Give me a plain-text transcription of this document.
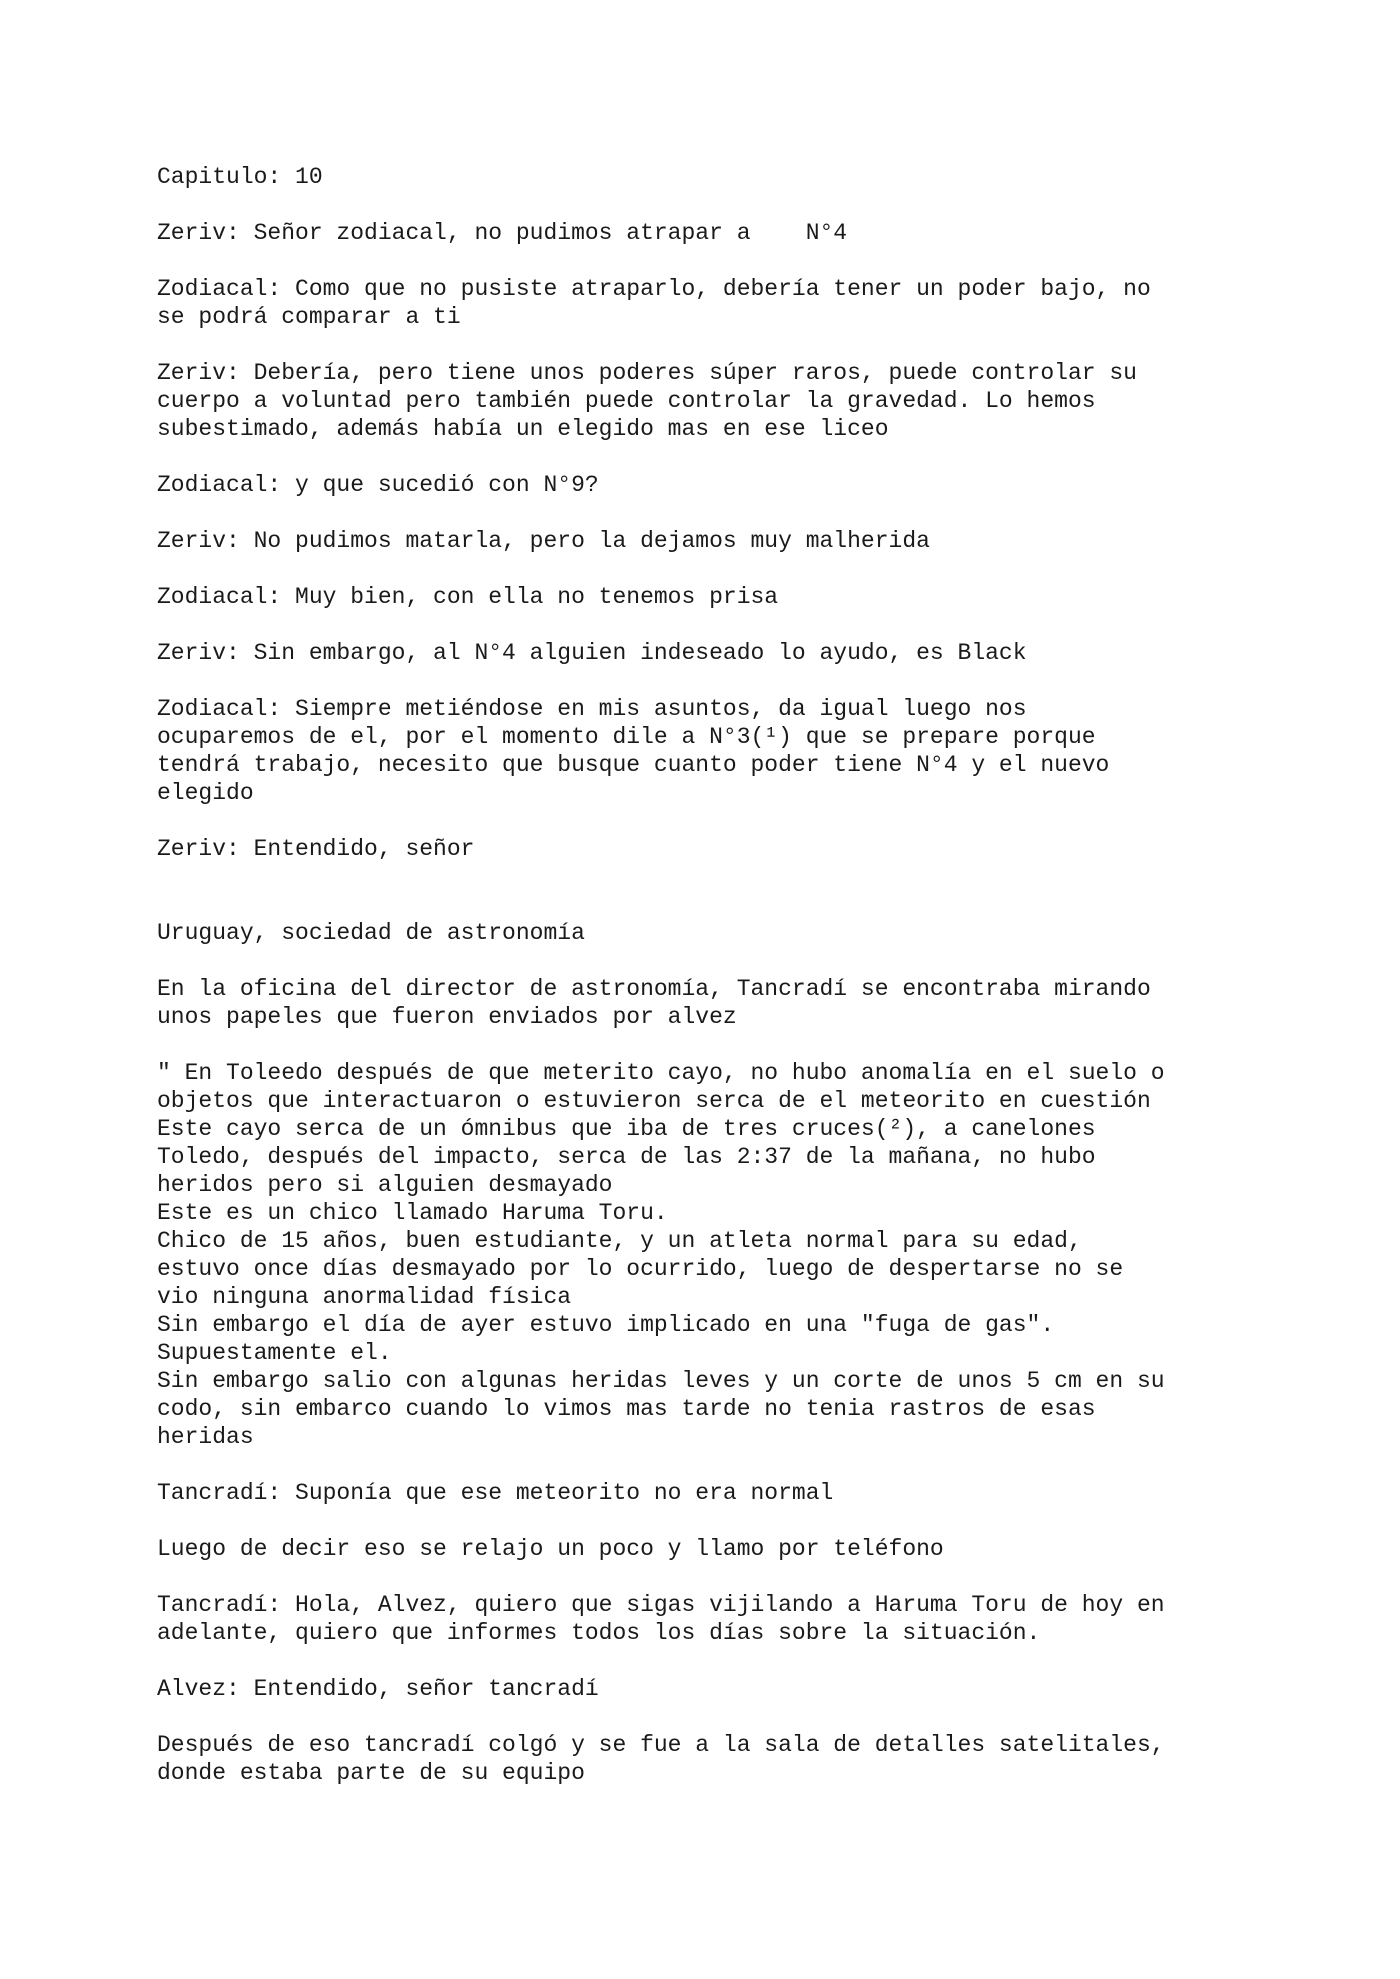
Capitulo: 10
Zeriv: Señor zodiacal, no pudimos atrapar a    N°4
Zodiacal: Como que no pusiste atraparlo, debería tener un poder bajo, no
se podrá comparar a ti
Zeriv: Debería, pero tiene unos poderes súper raros, puede controlar su
cuerpo a voluntad pero también puede controlar la gravedad. Lo hemos
subestimado, además había un elegido mas en ese liceo
Zodiacal: y que sucedió con N°9?
Zeriv: No pudimos matarla, pero la dejamos muy malherida
Zodiacal: Muy bien, con ella no tenemos prisa
Zeriv: Sin embargo, al N°4 alguien indeseado lo ayudo, es Black
Zodiacal: Siempre metiéndose en mis asuntos, da igual luego nos
ocuparemos de el, por el momento dile a N°3(¹) que se prepare porque
tendrá trabajo, necesito que busque cuanto poder tiene N°4 y el nuevo
elegido
Zeriv: Entendido, señor
Uruguay, sociedad de astronomía
En la oficina del director de astronomía, Tancradí se encontraba mirando
unos papeles que fueron enviados por alvez
" En Toleedo después de que meterito cayo, no hubo anomalía en el suelo o
objetos que interactuaron o estuvieron serca de el meteorito en cuestión
Este cayo serca de un ómnibus que iba de tres cruces(²), a canelones
Toledo, después del impacto, serca de las 2:37 de la mañana, no hubo
heridos pero si alguien desmayado
Este es un chico llamado Haruma Toru.
Chico de 15 años, buen estudiante, y un atleta normal para su edad,
estuvo once días desmayado por lo ocurrido, luego de despertarse no se
vio ninguna anormalidad física
Sin embargo el día de ayer estuvo implicado en una "fuga de gas".
Supuestamente el.
Sin embargo salio con algunas heridas leves y un corte de unos 5 cm en su
codo, sin embarco cuando lo vimos mas tarde no tenia rastros de esas
heridas
Tancradí: Suponía que ese meteorito no era normal
Luego de decir eso se relajo un poco y llamo por teléfono
Tancradí: Hola, Alvez, quiero que sigas vijilando a Haruma Toru de hoy en
adelante, quiero que informes todos los días sobre la situación.
Alvez: Entendido, señor tancradí
Después de eso tancradí colgó y se fue a la sala de detalles satelitales,
donde estaba parte de su equipo
